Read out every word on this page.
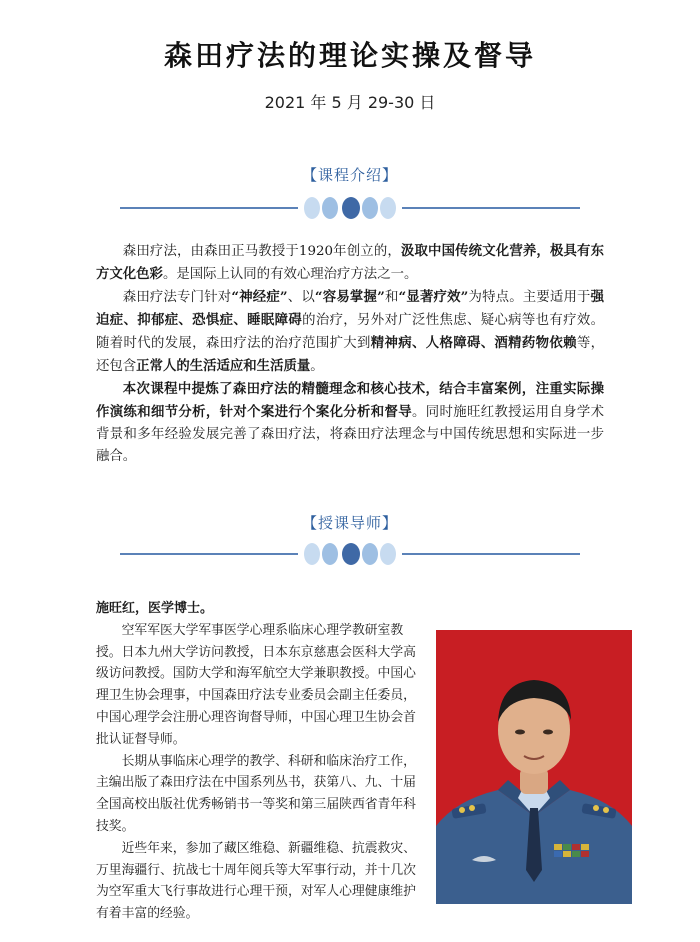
森田疗法的理论实操及督导
2021 年 5 月 29-30 日
【课程介绍】

森田疗法，由森田正马教授于1920年创立的，汲取中国传统文化营养，极具有东方文化色彩。是国际上认同的有效心理治疗方法之一。

森田疗法专门针对“神经症”、以“容易掌握”和“显著疗效”为特点。主要适用于强迫症、抑郁症、恐惧症、睡眠障碍的治疗，另外对广泛性焦虑、疑心病等也有疗效。随着时代的发展，森田疗法的治疗范围扩大到精神病、人格障碍、酒精药物依赖等，还包含正常人的生活适应和生活质量。

本次课程中提炼了森田疗法的精髓理念和核心技术，结合丰富案例，注重实际操作演练和细节分析，针对个案进行个案化分析和督导。同时施旺红教授运用自身学术背景和多年经验发展完善了森田疗法，将森田疗法理念与中国传统思想和实际进一步融合。

【授课导师】

施旺红，医学博士。

空军军医大学军事医学心理系临床心理学教研室教授。日本九州大学访问教授，日本东京慈惠会医科大学高级访问教授。国防大学和海军航空大学兼职教授。中国心理卫生协会理事，中国森田疗法专业委员会副主任委员，中国心理学会注册心理咨询督导师，中国心理卫生协会首批认证督导师。

长期从事临床心理学的教学、科研和临床治疗工作，主编出版了森田疗法在中国系列丛书，获第八、九、十届全国高校出版社优秀畅销书一等奖和第三届陕西省青年科技奖。

近些年来，参加了藏区维稳、新疆维稳、抗震救灾、万里海疆行、抗战七十周年阅兵等大军事行动，并十几次为空军重大飞行事故进行心理干预，对军人心理健康维护有着丰富的经验。
